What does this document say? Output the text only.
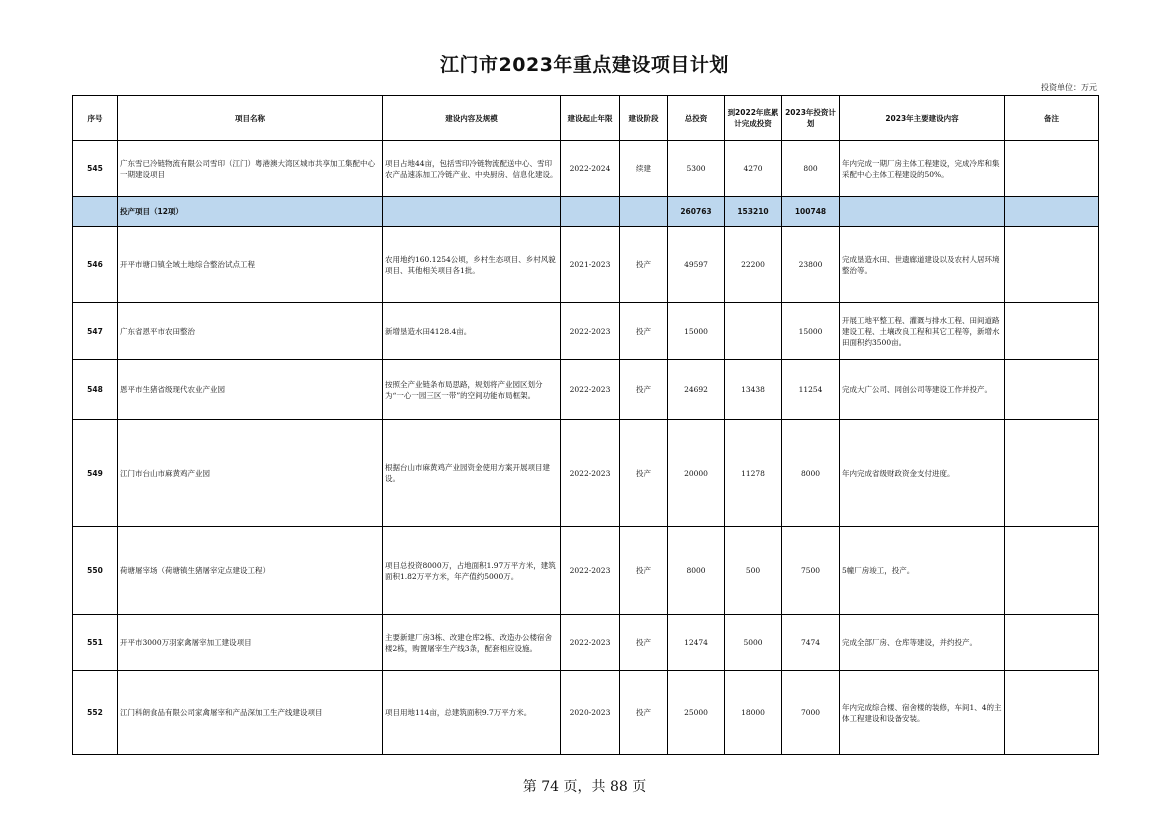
江门市2023年重点建设项目计划
投资单位：万元
序号	项目名称	建设内容及规模	建设起止年限	建设阶段	总投资	到2022年底累计完成投资	2023年投资计划	2023年主要建设内容	备注
545	广东雪已冷链物流有限公司雪印（江门）粤港澳大湾区城市共享加工集配中心一期建设项目	项目占地44亩，包括雪印冷链物流配送中心、雪印农产品速冻加工冷链产业、中央厨房、信息化建设。	2022-2024	续建	5300	4270	800	年内完成一期厂房主体工程建设，完成冷库和集采配中心主体工程建设的50%。	
	投产项目（12项）				260763	153210	100748		
546	开平市塘口镇全域土地综合整治试点工程	农用地约160.1254公顷，乡村生态项目、乡村风貌项目、其他相关项目各1批。	2021-2023	投产	49597	22200	23800	完成垦造水田、世遗廊道建设以及农村人居环境整治等。	
547	广东省恩平市农田整治	新增垦造水田4128.4亩。	2022-2023	投产	15000		15000	开展工地平整工程、灌溉与排水工程、田间道路建设工程、土壤改良工程和其它工程等，新增水田面积约3500亩。	
548	恩平市生猪省级现代农业产业园	按照全产业链条布局思路，规划将产业园区划分为“一心一园三区一带”的空间功能布局框架。	2022-2023	投产	24692	13438	11254	完成大广公司、同创公司等建设工作并投产。	
549	江门市台山市麻黄鸡产业园	根据台山市麻黄鸡产业园资金使用方案开展项目建设。	2022-2023	投产	20000	11278	8000	年内完成省级财政资金支付进度。	
550	荷塘屠宰场（荷塘镇生猪屠宰定点建设工程）	项目总投资8000万，占地面积1.97万平方米，建筑面积1.82万平方米，年产值约5000万。	2022-2023	投产	8000	500	7500	5幢厂房竣工，投产。	
551	开平市3000万羽家禽屠宰加工建设项目	主要新建厂房3栋、改建仓库2栋、改造办公楼宿舍楼2栋，购置屠宰生产线3条，配套相应设施。	2022-2023	投产	12474	5000	7474	完成全部厂房、仓库等建设，并约投产。	
552	江门科朗食品有限公司家禽屠宰和产品深加工生产线建设项目	项目用地114亩，总建筑面积9.7万平方米。	2020-2023	投产	25000	18000	7000	年内完成综合楼、宿舍楼的装修，车间1、4的主体工程建设和设备安装。	
第 74 页，共 88 页
